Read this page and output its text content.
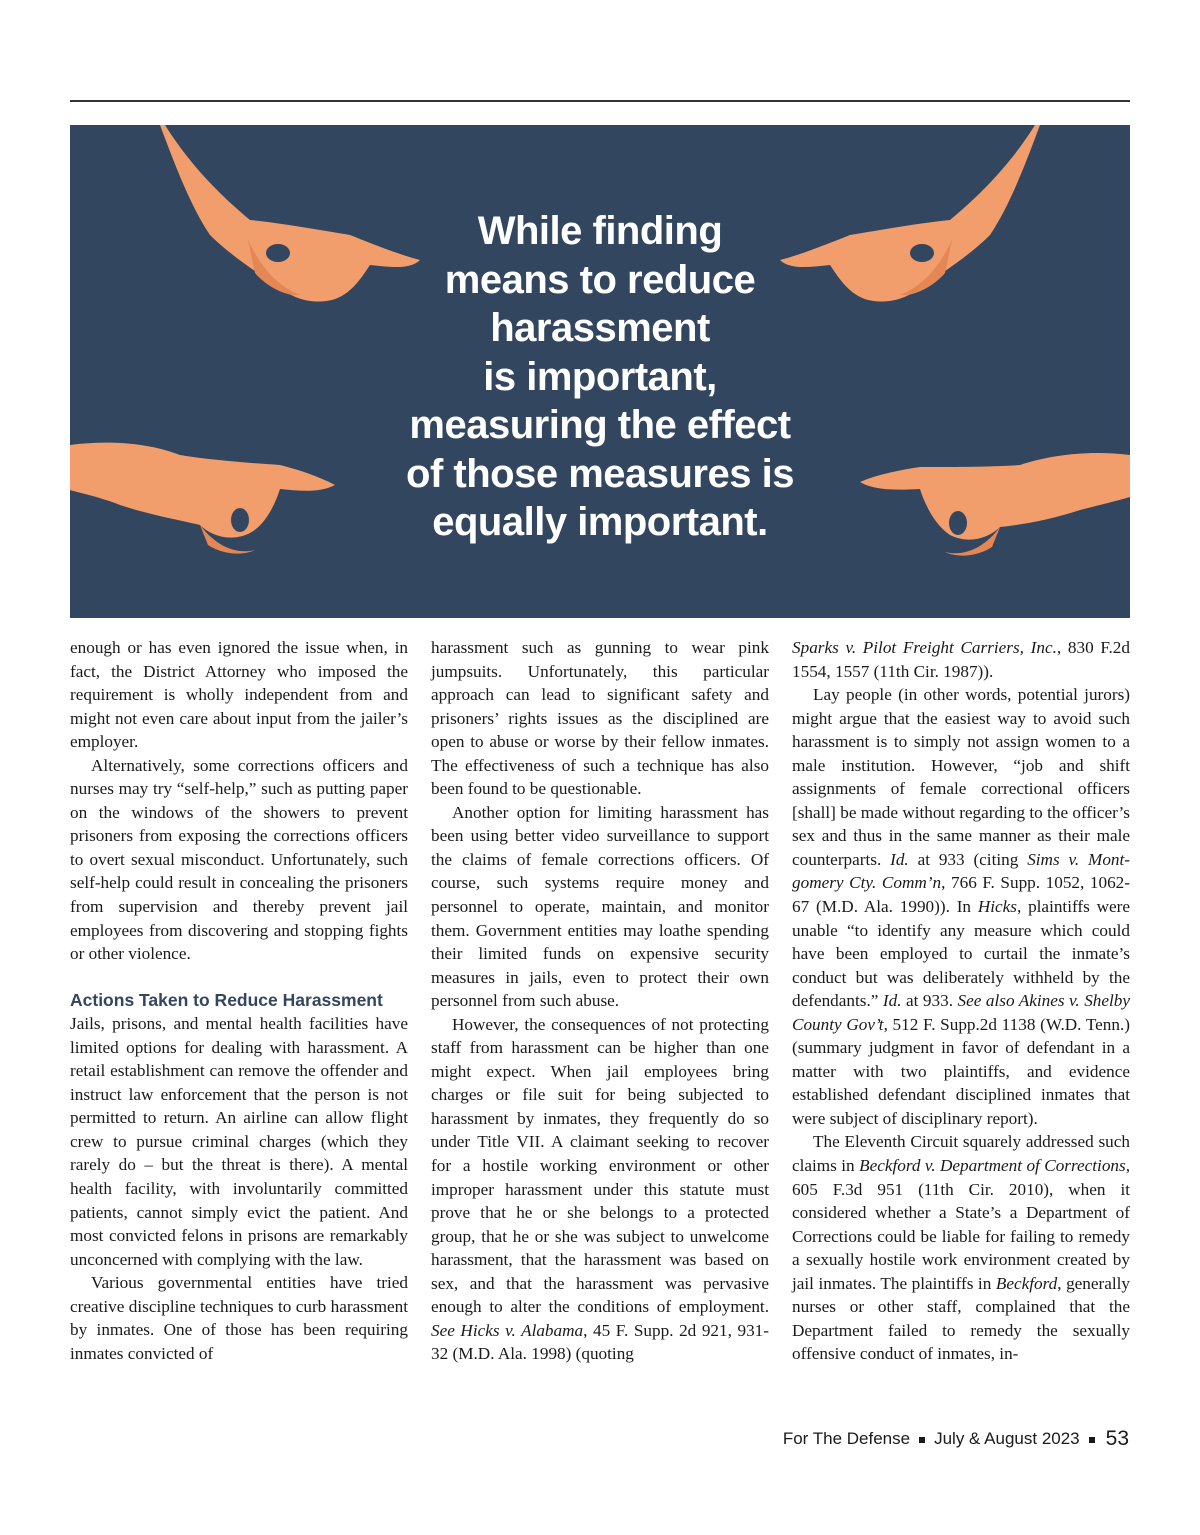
While finding
means to reduce
harassment
is important,
measuring the effect
of those measures is
equally important.

enough or has even ignored the issue when, in fact, the District Attorney who imposed the requirement is wholly independent from and might not even care about input from the jailer’s employer.

Alternatively, some corrections officers and nurses may try “self-help,” such as putting paper on the windows of the showers to prevent prisoners from exposing the corrections officers to overt sexual misconduct. Unfortunately, such self-help could result in concealing the prisoners from supervision and thereby prevent jail employees from discovering and stopping fights or other violence.

Actions Taken to Reduce Harassment

Jails, prisons, and mental health facilities have limited options for dealing with harassment. A retail establishment can remove the offender and instruct law enforcement that the person is not permitted to return. An airline can allow flight crew to pursue criminal charges (which they rarely do – but the threat is there). A mental health facility, with involuntarily committed patients, cannot simply evict the patient. And most convicted felons in prisons are remarkably unconcerned with complying with the law.

Various governmental entities have tried creative discipline techniques to curb harassment by inmates. One of those has been requiring inmates convicted of

harassment such as gunning to wear pink jumpsuits. Unfortunately, this particular approach can lead to significant safety and prisoners’ rights issues as the disciplined are open to abuse or worse by their fellow inmates. The effectiveness of such a technique has also been found to be questionable.

Another option for limiting harassment has been using better video surveillance to support the claims of female corrections officers. Of course, such systems require money and personnel to operate, maintain, and monitor them. Government entities may loathe spending their limited funds on expensive security measures in jails, even to protect their own personnel from such abuse.

However, the consequences of not protecting staff from harassment can be higher than one might expect. When jail employees bring charges or file suit for being subjected to harassment by inmates, they frequently do so under Title VII. A claimant seeking to recover for a hostile working environment or other improper harassment under this statute must prove that he or she belongs to a protected group, that he or she was subject to unwelcome harassment, that the harassment was based on sex, and that the harassment was pervasive enough to alter the conditions of employment. See Hicks v. Alabama, 45 F. Supp. 2d 921, 931-32 (M.D. Ala. 1998) (quoting

Sparks v. Pilot Freight Carriers, Inc., 830 F.2d 1554, 1557 (11th Cir. 1987)).

Lay people (in other words, potential jurors) might argue that the easiest way to avoid such harassment is to simply not assign women to a male institution. However, “job and shift assignments of female correctional officers [shall] be made without regarding to the officer’s sex and thus in the same manner as their male counterparts. Id. at 933 (citing Sims v. Montgomery Cty. Comm’n, 766 F. Supp. 1052, 1062-67 (M.D. Ala. 1990)). In Hicks, plaintiffs were unable “to identify any measure which could have been employed to curtail the inmate’s conduct but was deliberately withheld by the defendants.” Id. at 933. See also Akines v. Shelby County Gov’t, 512 F. Supp.2d 1138 (W.D. Tenn.) (summary judgment in favor of defendant in a matter with two plaintiffs, and evidence established defendant disciplined inmates that were subject of disciplinary report).

The Eleventh Circuit squarely addressed such claims in Beckford v. Department of Corrections, 605 F.3d 951 (11th Cir. 2010), when it considered whether a State’s a Department of Corrections could be liable for failing to remedy a sexually hostile work environment created by jail inmates. The plaintiffs in Beckford, generally nurses or other staff, complained that the Department failed to remedy the sexually offensive conduct of inmates, in-

For The Defense July & August 2023 53
